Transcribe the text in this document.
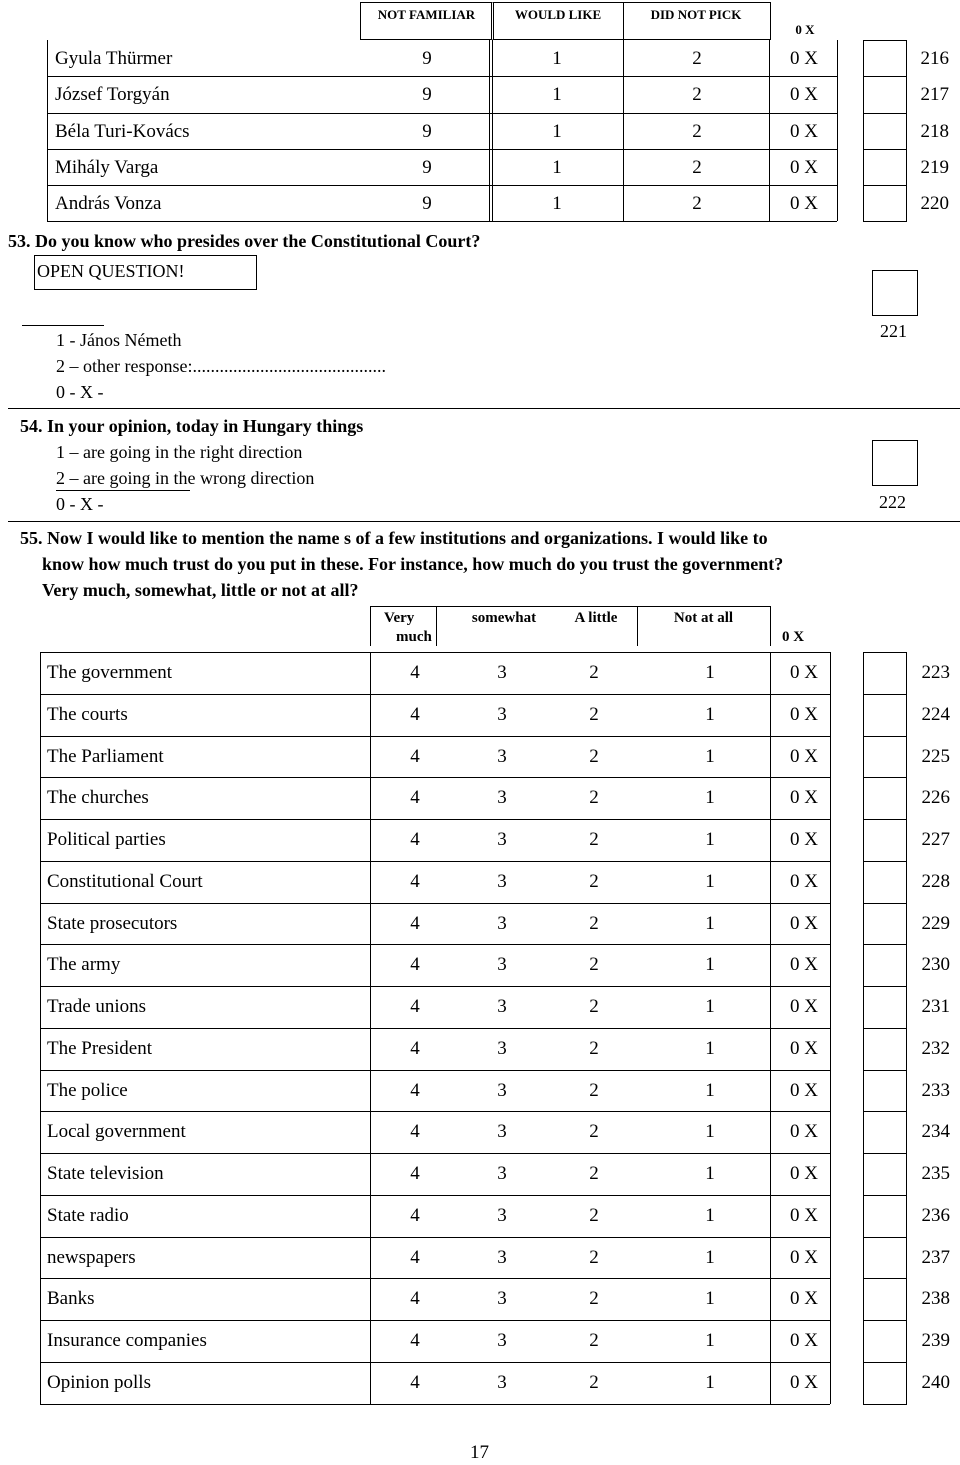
NOT FAMILIAR	WOULD LIKE	DID NOT PICK
0 X
Gyula Thürmer	9	1	2	0 X	216
József Torgyán	9	1	2	0 X	217
Béla Turi-Kovács	9	1	2	0 X	218
Mihály Varga	9	1	2	0 X	219
András Vonza	9	1	2	0 X	220
53. Do you know who presides over the Constitutional Court?
OPEN QUESTION!
1 - János Németh
2 – other response:...........................................
0 - X -
221
54. In your opinion, today in Hungary things
1 – are going in the right direction
2 – are going in the wrong direction
0 - X -	222
55. Now I would like to mention the name s of a few institutions and organizations. I would like to
know how much trust do you put in these. For instance, how much do you trust the government?
Very much, somewhat, little or not at all?
Very
much
somewhat	A little	Not at all
0 X
The government	4	3	2	1	0 X	223
The courts	4	3	2	1	0 X	224
The Parliament	4	3	2	1	0 X	225
The churches	4	3	2	1	0 X	226
Political parties	4	3	2	1	0 X	227
Constitutional Court	4	3	2	1	0 X	228
State prosecutors	4	3	2	1	0 X	229
The army	4	3	2	1	0 X	230
Trade unions	4	3	2	1	0 X	231
The President	4	3	2	1	0 X	232
The police	4	3	2	1	0 X	233
Local government	4	3	2	1	0 X	234
State television	4	3	2	1	0 X	235
State radio	4	3	2	1	0 X	236
newspapers	4	3	2	1	0 X	237
Banks	4	3	2	1	0 X	238
Insurance companies	4	3	2	1	0 X	239
Opinion polls	4	3	2	1	0 X	240
17
